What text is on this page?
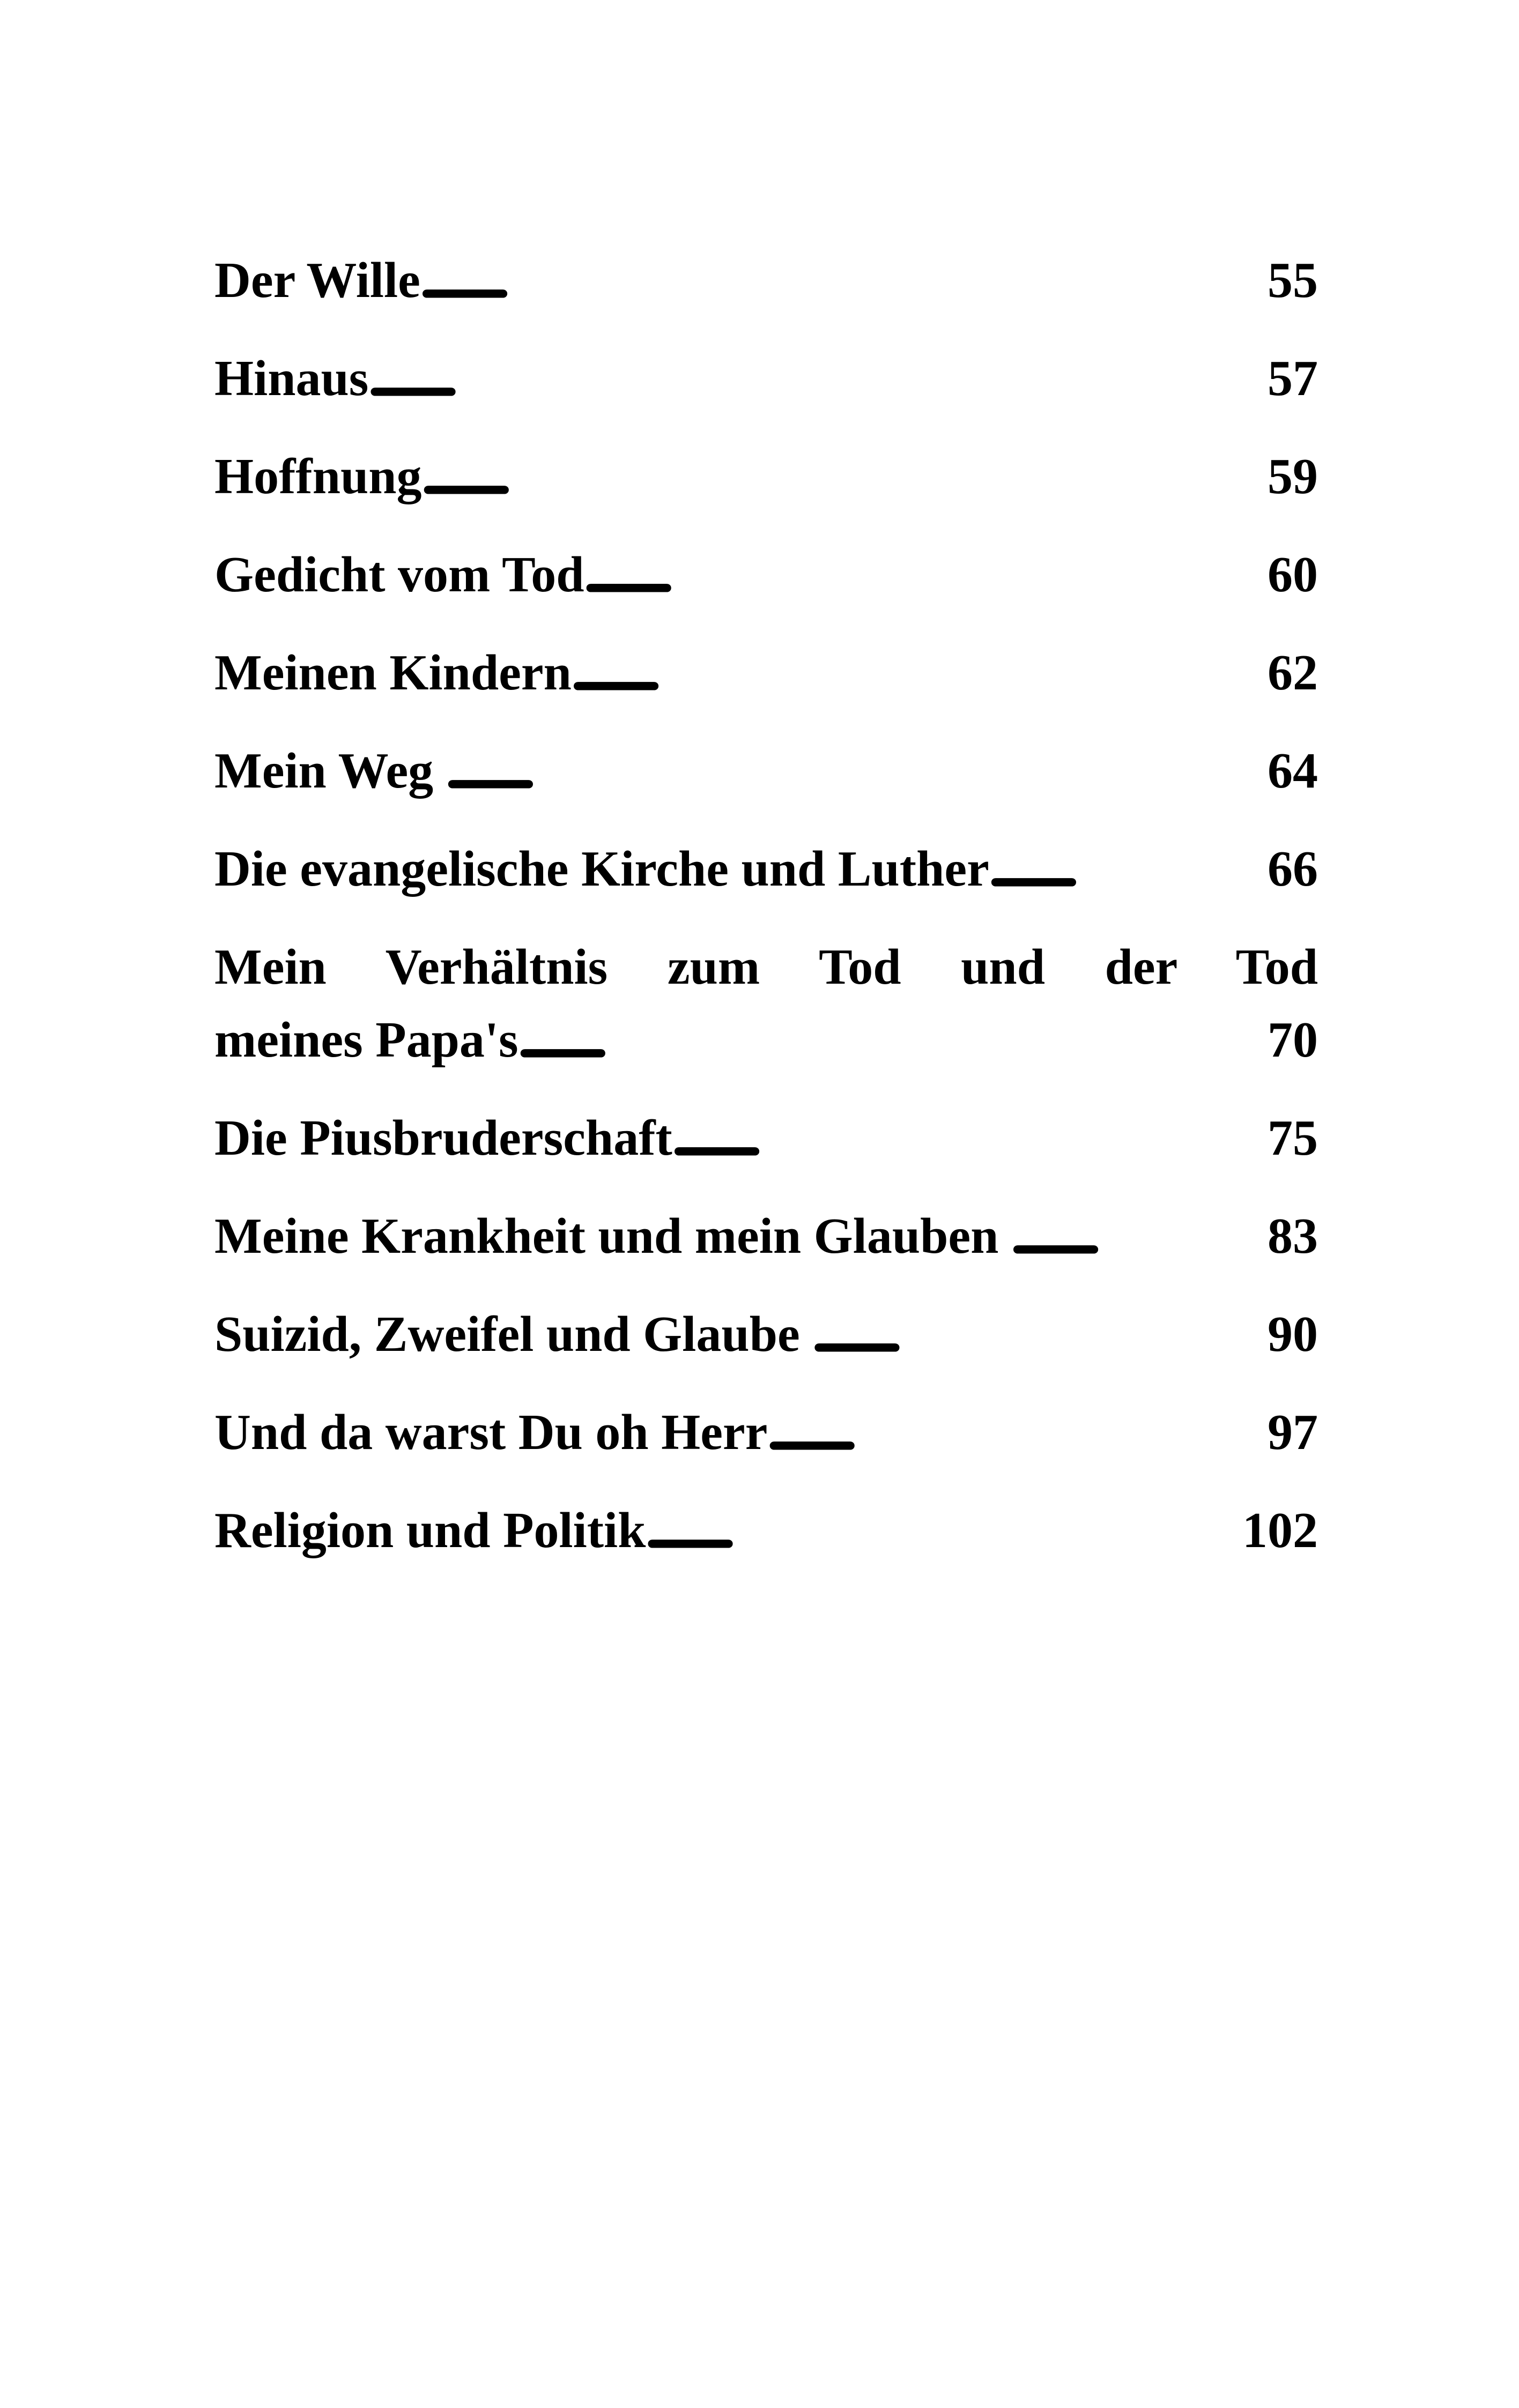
Der Wille . . .	55
Hinaus . . .	57
Hoffnung . . .	59
Gedicht vom Tod . . .	60
Meinen Kindern . . .	62
Mein Weg . . .	64
Die evangelische Kirche und Luther . . .	66
Mein Verhältnis zum Tod und der Tod
meines Papa's . . .	70
Die Piusbruderschaft . . .	75
Meine Krankheit und mein Glauben . . .	83
Suizid, Zweifel und Glaube . . .	90
Und da warst Du oh Herr . . .	97
Religion und Politik . . .	102
